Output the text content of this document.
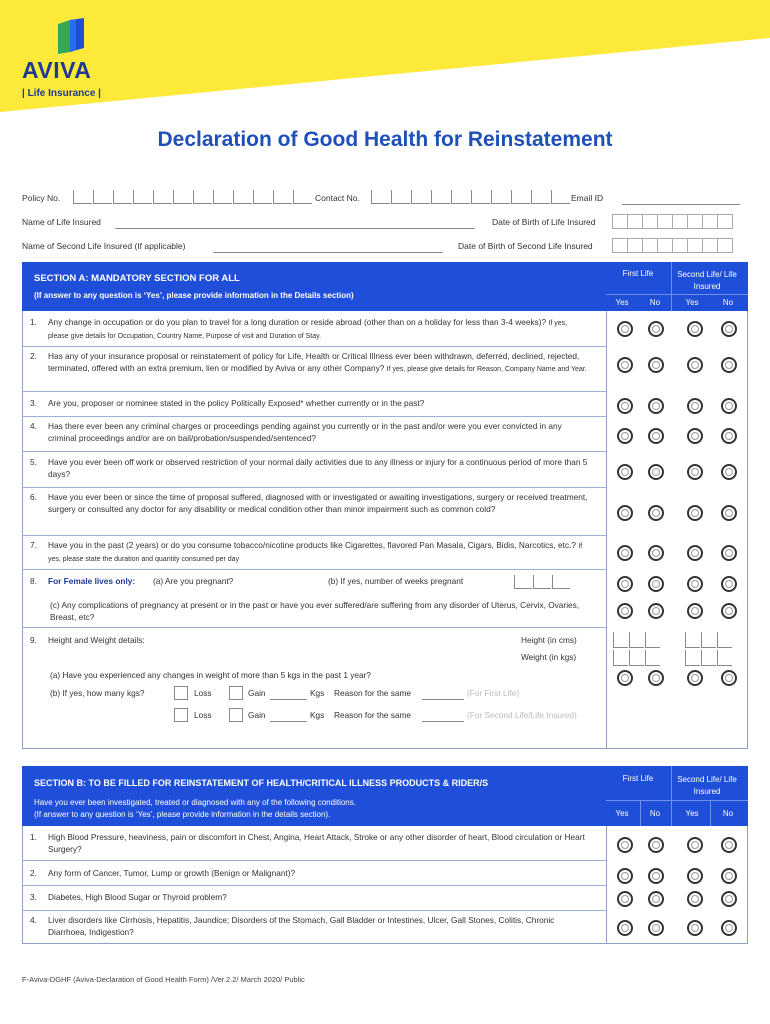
AVIVA
| Life Insurance |
Declaration of Good Health for Reinstatement
Policy No.	Contact No.	Email ID
Name of Life Insured	Date of Birth of Life Insured
Name of Second Life Insured (If applicable)	Date of Birth of Second Life Insured
SECTION A: MANDATORY SECTION FOR ALL
(If answer to any question is ‘Yes’, please provide information in the Details section)
First Life	Second Life/ Life Insured
Yes	No	Yes	No
1. Any change in occupation or do you plan to travel for a long duration or reside abroad (other than on a holiday for less than 3-4 weeks)? If yes, please give details for Occupation, Country Name, Purpose of visit and Duration of Stay.
2. Has any of your insurance proposal or reinstatement of policy for Life, Health or Critical Illness ever been withdrawn, deferred, declined, rejected, terminated, offered with an extra premium, lien or modified by Aviva or any other Company? If yes, please give details for Reason, Company Name and Year.
3. Are you, proposer or nominee stated in the policy Politically Exposed* whether currently or in the past?
4. Has there ever been any criminal charges or proceedings pending against you currently or in the past and/or were you ever convicted in any criminal proceedings and/or are on bail/probation/suspended/sentenced?
5. Have you ever been off work or observed restriction of your normal daily activities due to any illness or injury for a continuous period of more than 5 days?
6. Have you ever been or since the time of proposal suffered, diagnosed with or investigated or awaiting investigations, surgery or received treatment, surgery or consulted any doctor for any disability or medical condition other than minor impairment such as common cold?
7. Have you in the past (2 years) or do you consume tobacco/nicotine products like Cigarettes, flavored Pan Masala, Cigars, Bidis, Narcotics, etc.? If yes, please state the duration and quantity consumed per day
8. For Female lives only: (a) Are you pregnant?	(b) If yes, number of weeks pregnant
(c) Any complications of pregnancy at present or in the past or have you ever suffered/are suffering from any disorder of Uterus, Cervix, Ovaries, Breast, etc?
9. Height and Weight details:	Height (in cms)
Weight (in kgs)
(a) Have you experienced any changes in weight of more than 5 kgs in the past 1 year?
(b) If yes, how many kgs?	Loss	Gain	Kgs Reason for the same	(For First Life)
Loss	Gain	Kgs Reason for the same	(For Second Life/Life Insured)
SECTION B: TO BE FILLED FOR REINSTATEMENT OF HEALTH/CRITICAL ILLNESS PRODUCTS & RIDER/S
Have you ever been investigated, treated or diagnosed with any of the following conditions.
(If answer to any question is ‘Yes’, please provide information in the details section).
First Life	Second Life/ Life Insured
Yes	No	Yes	No
1. High Blood Pressure, heaviness, pain or discomfort in Chest, Angina, Heart Attack, Stroke or any other disorder of heart, Blood circulation or Heart Surgery?
2. Any form of Cancer, Tumor, Lump or growth (Benign or Malignant)?
3. Diabetes, High Blood Sugar or Thyroid problem?
4. Liver disorders like Cirrhosis, Hepatitis, Jaundice; Disorders of the Stomach, Gall Bladder or Intestines, Ulcer, Gall Stones, Colitis, Chronic Diarrhoea, Indigestion?
F-Aviva-DGHF (Aviva-Declaration of Good Health Form) /Ver.2.2/ March 2020/ Public
